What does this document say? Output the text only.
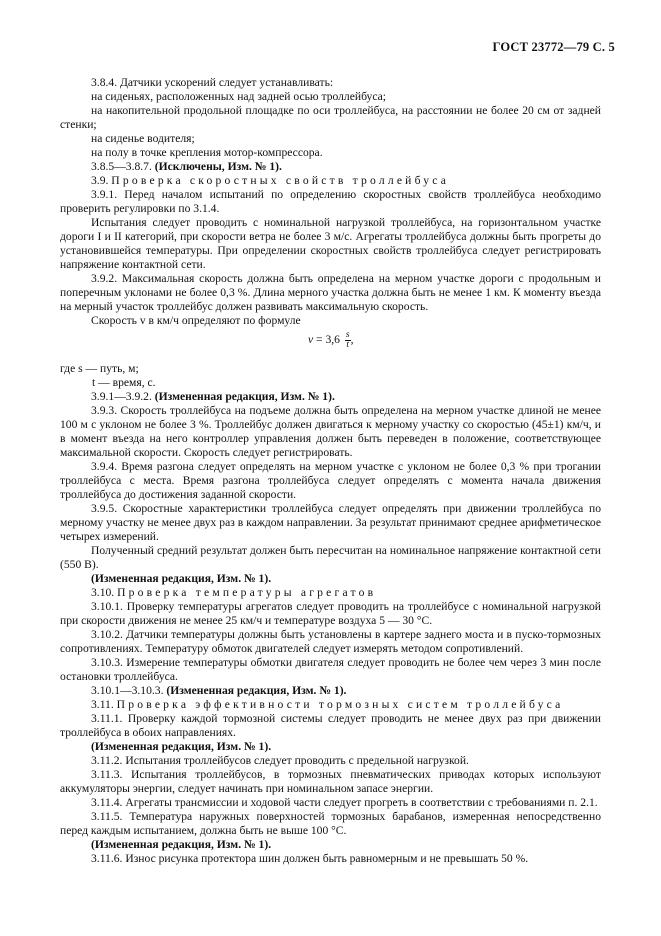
ГОСТ 23772—79 С. 5

3.8.4. Датчики ускорений следует устанавливать:

на сиденьях, расположенных над задней осью троллейбуса;

на накопительной продольной площадке по оси троллейбуса, на расстоянии не более 20 см от задней стенки;

на сиденье водителя;

на полу в точке крепления мотор-компрессора.

3.8.5—3.8.7. (Исключены, Изм. № 1).

3.9. Проверка скоростных свойств троллейбуса

3.9.1. Перед началом испытаний по определению скоростных свойств троллейбуса необходимо проверить регулировки по 3.1.4.

Испытания следует проводить с номинальной нагрузкой троллейбуса, на горизонтальном участке дороги I и II категорий, при скорости ветра не более 3 м/с. Агрегаты троллейбуса должны быть прогреты до установившейся температуры. При определении скоростных свойств троллейбуса следует регистрировать напряжение контактной сети.

3.9.2. Максимальная скорость должна быть определена на мерном участке дороги с продольным и поперечным уклонами не более 0,3 %. Длина мерного участка должна быть не менее 1 км. К моменту въезда на мерный участок троллейбус должен развивать максимальную скорость.

Скорость v в км/ч определяют по формуле

$v = 3,6 \frac{s}{t}$ ,
где s — путь, м;
t — время, с.

3.9.1—3.9.2. (Измененная редакция, Изм. № 1).

3.9.3. Скорость троллейбуса на подъеме должна быть определена на мерном участке длиной не менее 100 м с уклоном не более 3 %. Троллейбус должен двигаться к мерному участку со скоростью (45±1) км/ч, и в момент въезда на него контроллер управления должен быть переведен в положение, соответствующее максимальной скорости. Скорость следует регистрировать.

3.9.4. Время разгона следует определять на мерном участке с уклоном не более 0,3 % при трогании троллейбуса с места. Время разгона троллейбуса следует определять с момента начала движения троллейбуса до достижения заданной скорости.

3.9.5. Скоростные характеристики троллейбуса следует определять при движении троллейбуса по мерному участку не менее двух раз в каждом направлении. За результат принимают среднее арифметическое четырех измерений.

Полученный средний результат должен быть пересчитан на номинальное напряжение контактной сети (550 В).

(Измененная редакция, Изм. № 1).

3.10. Проверка температуры агрегатов

3.10.1. Проверку температуры агрегатов следует проводить на троллейбусе с номинальной нагрузкой при скорости движения не менее 25 км/ч и температуре воздуха 5 — 30 °С.

3.10.2. Датчики температуры должны быть установлены в картере заднего моста и в пуско-тормозных сопротивлениях. Температуру обмоток двигателей следует измерять методом сопротивлений.

3.10.3. Измерение температуры обмотки двигателя следует проводить не более чем через 3 мин после остановки троллейбуса.

3.10.1—3.10.3. (Измененная редакция, Изм. № 1).

3.11. Проверка эффективности тормозных систем троллейбуса

3.11.1. Проверку каждой тормозной системы следует проводить не менее двух раз при движении троллейбуса в обоих направлениях.

(Измененная редакция, Изм. № 1).

3.11.2. Испытания троллейбусов следует проводить с предельной нагрузкой.

3.11.3. Испытания троллейбусов, в тормозных пневматических приводах которых используют аккумуляторы энергии, следует начинать при номинальном запасе энергии.

3.11.4. Агрегаты трансмиссии и ходовой части следует прогреть в соответствии с требованиями п. 2.1.

3.11.5. Температура наружных поверхностей тормозных барабанов, измеренная непосредственно перед каждым испытанием, должна быть не выше 100 °С.

(Измененная редакция, Изм. № 1).

3.11.6. Износ рисунка протектора шин должен быть равномерным и не превышать 50 %.
